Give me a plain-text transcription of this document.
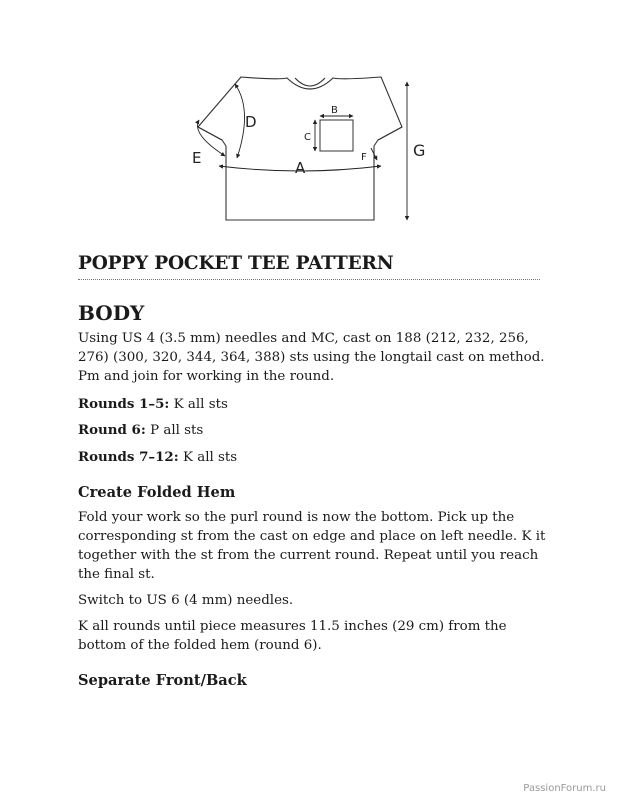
A
B
C
D
E	F	G
POPPY POCKET TEE PATTERN
BODY

Using US 4 (3.5 mm) needles and MC, cast on 188 (212, 232, 256, 276) (300, 320, 344, 364, 388) sts using the longtail cast on method. Pm and join for working in the round.

Rounds 1–5: K all sts

Round 6: P all sts

Rounds 7–12: K all sts

Create Folded Hem

Fold your work so the purl round is now the bottom. Pick up the corresponding st from the cast on edge and place on left needle. K it together with the st from the current round. Repeat until you reach the final st.

Switch to US 6 (4 mm) needles.

K all rounds until piece measures 11.5 inches (29 cm) from the bottom of the folded hem (round 6).

Separate Front/Back
PassionForum.ru
